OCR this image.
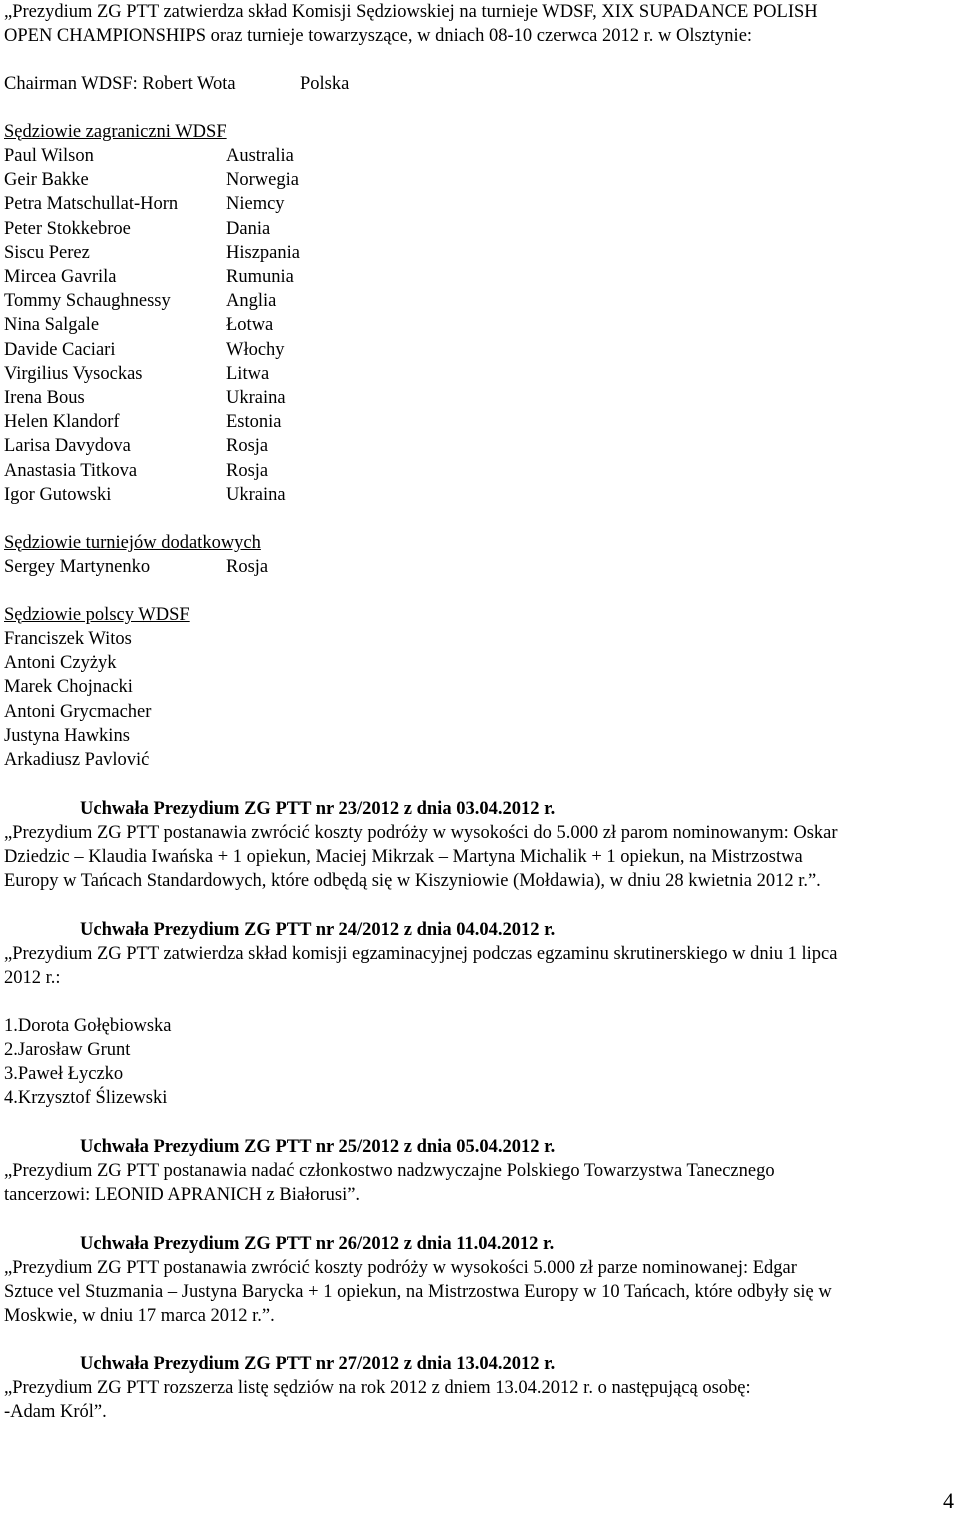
„Prezydium ZG PTT zatwierdza skład Komisji Sędziowskiej na turnieje WDSF, XIX SUPADANCE POLISH
OPEN CHAMPIONSHIPS oraz turnieje towarzyszące, w dniach 08-10 czerwca 2012 r. w Olsztynie:
Chairman WDSF: Robert Wota	Polska
Sędziowie zagraniczni WDSF
Paul Wilson	Australia
Geir Bakke	Norwegia
Petra Matschullat-Horn	Niemcy
Peter Stokkebroe	Dania
Siscu Perez	Hiszpania
Mircea Gavrila	Rumunia
Tommy Schaughnessy	Anglia
Nina Salgale	Łotwa
Davide Caciari	Włochy
Virgilius Vysockas	Litwa
Irena Bous	Ukraina
Helen Klandorf	Estonia
Larisa Davydova	Rosja
Anastasia Titkova	Rosja
Igor Gutowski	Ukraina
Sędziowie turniejów dodatkowych
Sergey Martynenko	Rosja
Sędziowie polscy WDSF
Franciszek Witos
Antoni Czyżyk
Marek Chojnacki
Antoni Grycmacher
Justyna Hawkins
Arkadiusz Pavlović
Uchwała Prezydium ZG PTT nr 23/2012 z dnia 03.04.2012 r.
„Prezydium ZG PTT postanawia zwrócić koszty podróży w wysokości do 5.000 zł parom nominowanym: Oskar
Dziedzic – Klaudia Iwańska + 1 opiekun, Maciej Mikrzak – Martyna Michalik + 1 opiekun, na Mistrzostwa
Europy w Tańcach Standardowych, które odbędą się w Kiszyniowie (Mołdawia), w dniu 28 kwietnia 2012 r.”.
Uchwała Prezydium ZG PTT nr 24/2012 z dnia 04.04.2012 r.
„Prezydium ZG PTT zatwierdza skład komisji egzaminacyjnej podczas egzaminu skrutinerskiego w dniu 1 lipca
2012 r.:
1.Dorota Gołębiowska
2.Jarosław Grunt
3.Paweł Łyczko
4.Krzysztof Ślizewski
Uchwała Prezydium ZG PTT nr 25/2012 z dnia 05.04.2012 r.
„Prezydium ZG PTT postanawia nadać członkostwo nadzwyczajne Polskiego Towarzystwa Tanecznego
tancerzowi: LEONID APRANICH z Białorusi”.
Uchwała Prezydium ZG PTT nr 26/2012 z dnia 11.04.2012 r.
„Prezydium ZG PTT postanawia zwrócić koszty podróży w wysokości 5.000 zł parze nominowanej: Edgar
Sztuce vel Stuzmania – Justyna Barycka + 1 opiekun, na Mistrzostwa Europy w 10 Tańcach, które odbyły się w
Moskwie, w dniu 17 marca 2012 r.”.
Uchwała Prezydium ZG PTT nr 27/2012 z dnia 13.04.2012 r.
„Prezydium ZG PTT rozszerza listę sędziów na rok 2012 z dniem 13.04.2012 r. o następującą osobę:
-Adam Król”.
4
